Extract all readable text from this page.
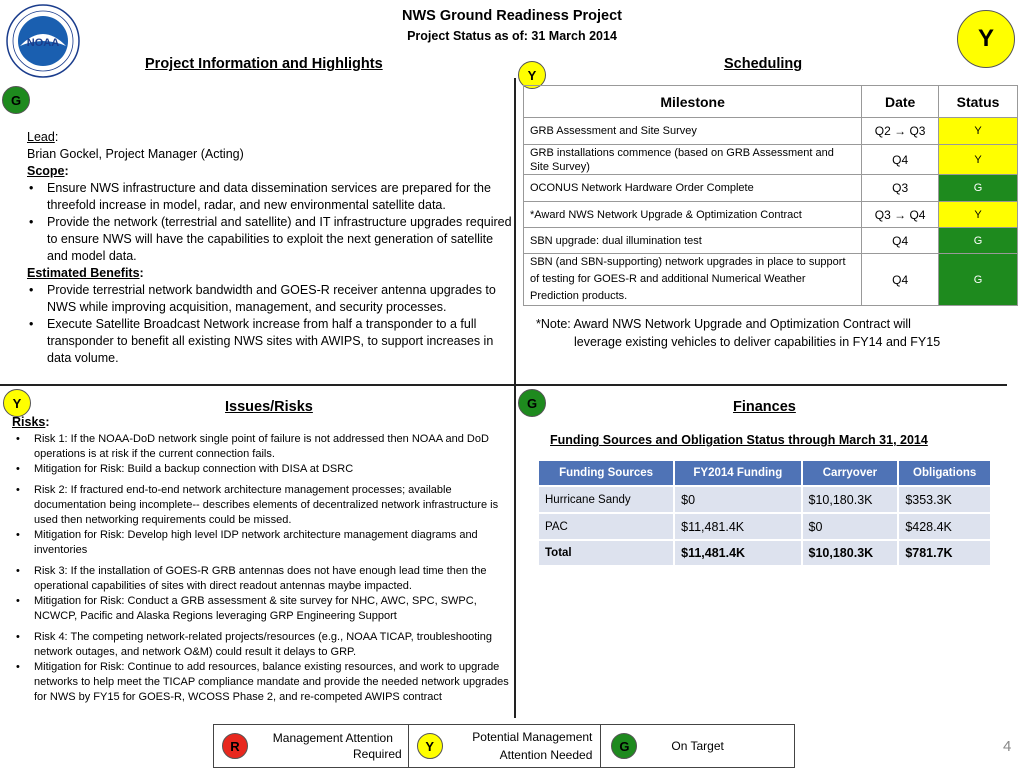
NOAA
NWS Ground Readiness Project
Project Status as of: 31 March 2014	Y
Project Information and Highlights
G
Lead:
Brian Gockel, Project Manager (Acting)
Scope:
• Ensure NWS infrastructure and data dissemination services are prepared for the threefold increase in model, radar, and new environmental satellite data.
• Provide the network (terrestrial and satellite) and IT infrastructure upgrades required to ensure NWS will have the capabilities to exploit the next generation of satellite and model data.
Estimated Benefits:
• Provide terrestrial network bandwidth and GOES-R receiver antenna upgrades to NWS while improving acquisition, management, and security processes.
• Execute Satellite Broadcast Network increase from half a transponder to a full transponder to benefit all existing NWS sites with AWIPS, to support increases in data volume.
Scheduling
Y
Milestone	Date	Status
GRB Assessment and Site Survey	Q2 → Q3	Y
GRB installations commence (based on GRB Assessment and Site Survey)	Q4	Y
OCONUS Network Hardware Order Complete	Q3	G
*Award NWS Network Upgrade & Optimization Contract	Q3 → Q4	Y
SBN upgrade: dual illumination test	Q4	G
SBN (and SBN-supporting) network upgrades in place to support of testing for GOES-R and additional Numerical Weather Prediction products.	Q4	G
*Note: Award NWS Network Upgrade and Optimization Contract will
leverage existing vehicles to deliver capabilities in FY14 and FY15
Y	Issues/Risks
Risks:
• Risk 1: If the NOAA-DoD network single point of failure is not addressed then NOAA and DoD operations is at risk if the current connection fails.
• Mitigation for Risk: Build a backup connection with DISA at DSRC
• Risk 2: If fractured end-to-end network architecture management processes; available documentation being incomplete-- describes elements of decentralized network infrastructure is used then networking requirements could be missed.
• Mitigation for Risk: Develop high level IDP network architecture management diagrams and inventories
• Risk 3: If the installation of GOES-R GRB antennas does not have enough lead time then the operational capabilities of sites with direct readout antennas maybe impacted.
• Mitigation for Risk: Conduct a GRB assessment & site survey for NHC, AWC, SPC, SWPC, NCWCP, Pacific and Alaska Regions leveraging GRP Engineering Support
• Risk 4: The competing network-related projects/resources (e.g., NOAA TICAP, troubleshooting network outages, and network O&M) could result it delays to GRP.
• Mitigation for Risk: Continue to add resources, balance existing resources, and work to upgrade networks to help meet the TICAP compliance mandate and provide the needed network upgrades for NWS by FY15 for GOES-R, WCOSS Phase 2, and re-competed AWIPS contract
G	Finances
Funding Sources and Obligation Status through March 31, 2014
Funding Sources	FY2014 Funding	Carryover	Obligations
Hurricane Sandy	$0	$10,180.3K	$353.3K
PAC	$11,481.4K	$0	$428.4K
Total	$11,481.4K	$10,180.3K	$781.7K
R
Management Attention
Required

Y
Potential Management
Attention Needed

G	On Target	4
